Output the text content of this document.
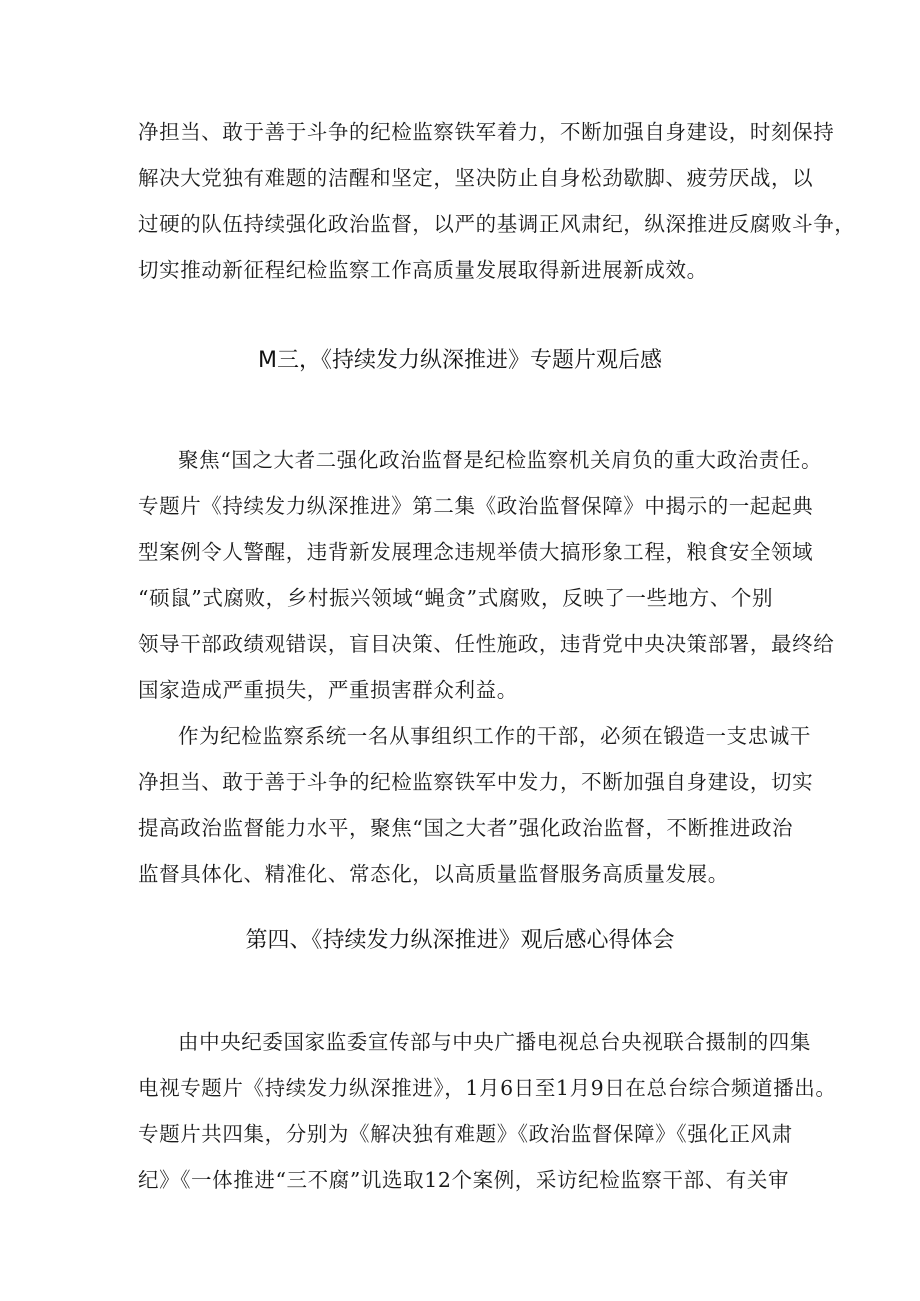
净担当、敢于善于斗争的纪检监察铁军着力，不断加强自身建设，时刻保持
解决大党独有难题的洁醒和坚定，坚决防止自身松劲歇脚、疲劳厌战，以
过硬的队伍持续强化政治监督，以严的基调正风肃纪，纵深推进反腐败斗争，
切实推动新征程纪检监察工作高质量发展取得新进展新成效。
M三，《持续发力纵深推进》专题片观后感
聚焦“国之大者二强化政治监督是纪检监察机关肩负的重大政治责任。
专题片《持续发力纵深推进》第二集《政治监督保障》中揭示的一起起典
型案例令人警醒，违背新发展理念违规举债大搞形象工程，粮食安全领域
“硕鼠”式腐败，乡村振兴领域“蝇贪”式腐败，反映了一些地方、个别
领导干部政绩观错误，盲目决策、任性施政，违背党中央决策部署，最终给
国家造成严重损失，严重损害群众利益。
作为纪检监察系统一名从事组织工作的干部，必须在锻造一支忠诚干
净担当、敢于善于斗争的纪检监察铁军中发力，不断加强自身建设，切实
提高政治监督能力水平，聚焦“国之大者”强化政治监督，不断推进政治
监督具体化、精准化、常态化，以高质量监督服务高质量发展。
第四、《持续发力纵深推进》观后感心得体会
由中央纪委国家监委宣传部与中央广播电视总台央视联合摄制的四集
电视专题片《持续发力纵深推进》，1月6日至1月9日在总台综合频道播出。
专题片共四集，分别为《解决独有难题》《政治监督保障》《强化正风肃
纪》《一体推进“三不腐”讥选取12个案例，采访纪检监察干部、有关审
